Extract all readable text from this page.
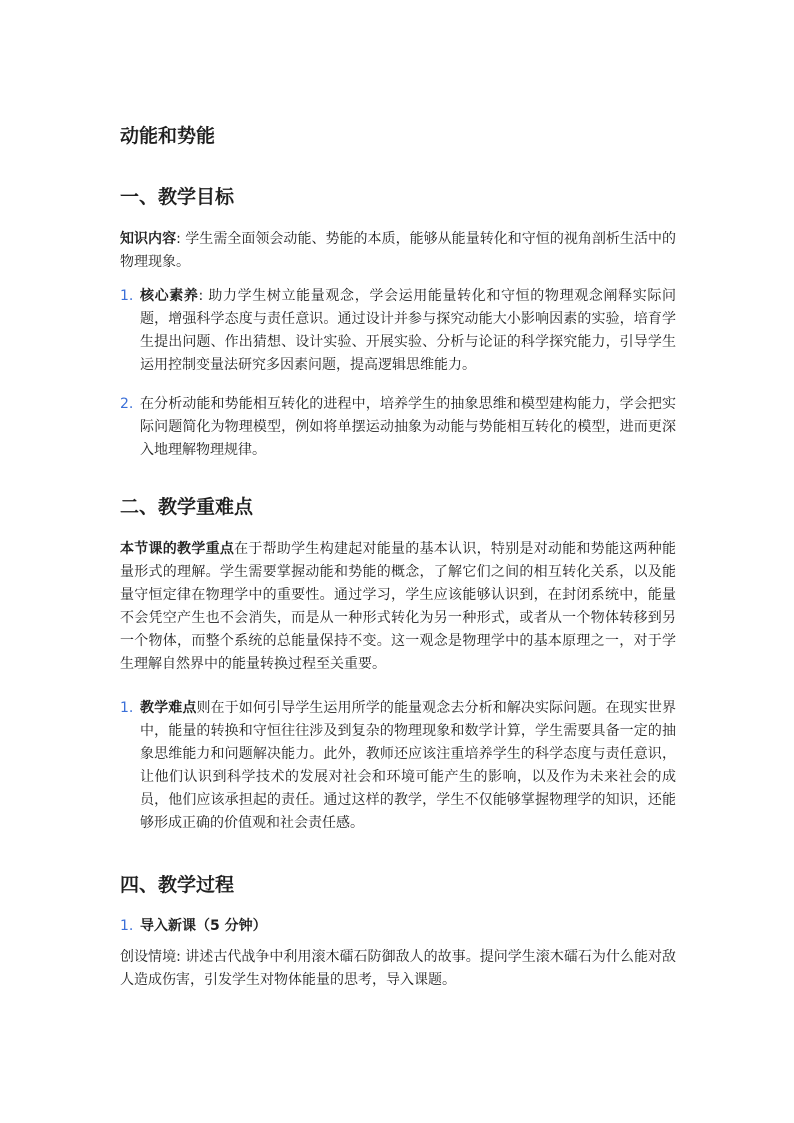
动能和势能
一、教学目标

知识内容: 学生需全面领会动能、势能的本质，能够从能量转化和守恒的视角剖析生活中的物理现象。

1. 核心素养: 助力学生树立能量观念，学会运用能量转化和守恒的物理观念阐释实际问题，增强科学态度与责任意识。通过设计并参与探究动能大小影响因素的实验，培育学生提出问题、作出猜想、设计实验、开展实验、分析与论证的科学探究能力，引导学生运用控制变量法研究多因素问题，提高逻辑思维能力。
2. 在分析动能和势能相互转化的进程中，培养学生的抽象思维和模型建构能力，学会把实际问题简化为物理模型，例如将单摆运动抽象为动能与势能相互转化的模型，进而更深入地理解物理规律。
二、教学重难点

本节课的教学重点在于帮助学生构建起对能量的基本认识，特别是对动能和势能这两种能量形式的理解。学生需要掌握动能和势能的概念，了解它们之间的相互转化关系，以及能量守恒定律在物理学中的重要性。通过学习，学生应该能够认识到，在封闭系统中，能量不会凭空产生也不会消失，而是从一种形式转化为另一种形式，或者从一个物体转移到另一个物体，而整个系统的总能量保持不变。这一观念是物理学中的基本原理之一，对于学生理解自然界中的能量转换过程至关重要。

1. 教学难点则在于如何引导学生运用所学的能量观念去分析和解决实际问题。在现实世界中，能量的转换和守恒往往涉及到复杂的物理现象和数学计算，学生需要具备一定的抽象思维能力和问题解决能力。此外，教师还应该注重培养学生的科学态度与责任意识，让他们认识到科学技术的发展对社会和环境可能产生的影响，以及作为未来社会的成员，他们应该承担起的责任。通过这样的教学，学生不仅能够掌握物理学的知识，还能够形成正确的价值观和社会责任感。
四、教学过程
1. 导入新课（5 分钟）

创设情境: 讲述古代战争中利用滚木礌石防御敌人的故事。提问学生滚木礌石为什么能对敌人造成伤害，引发学生对物体能量的思考，导入课题。
